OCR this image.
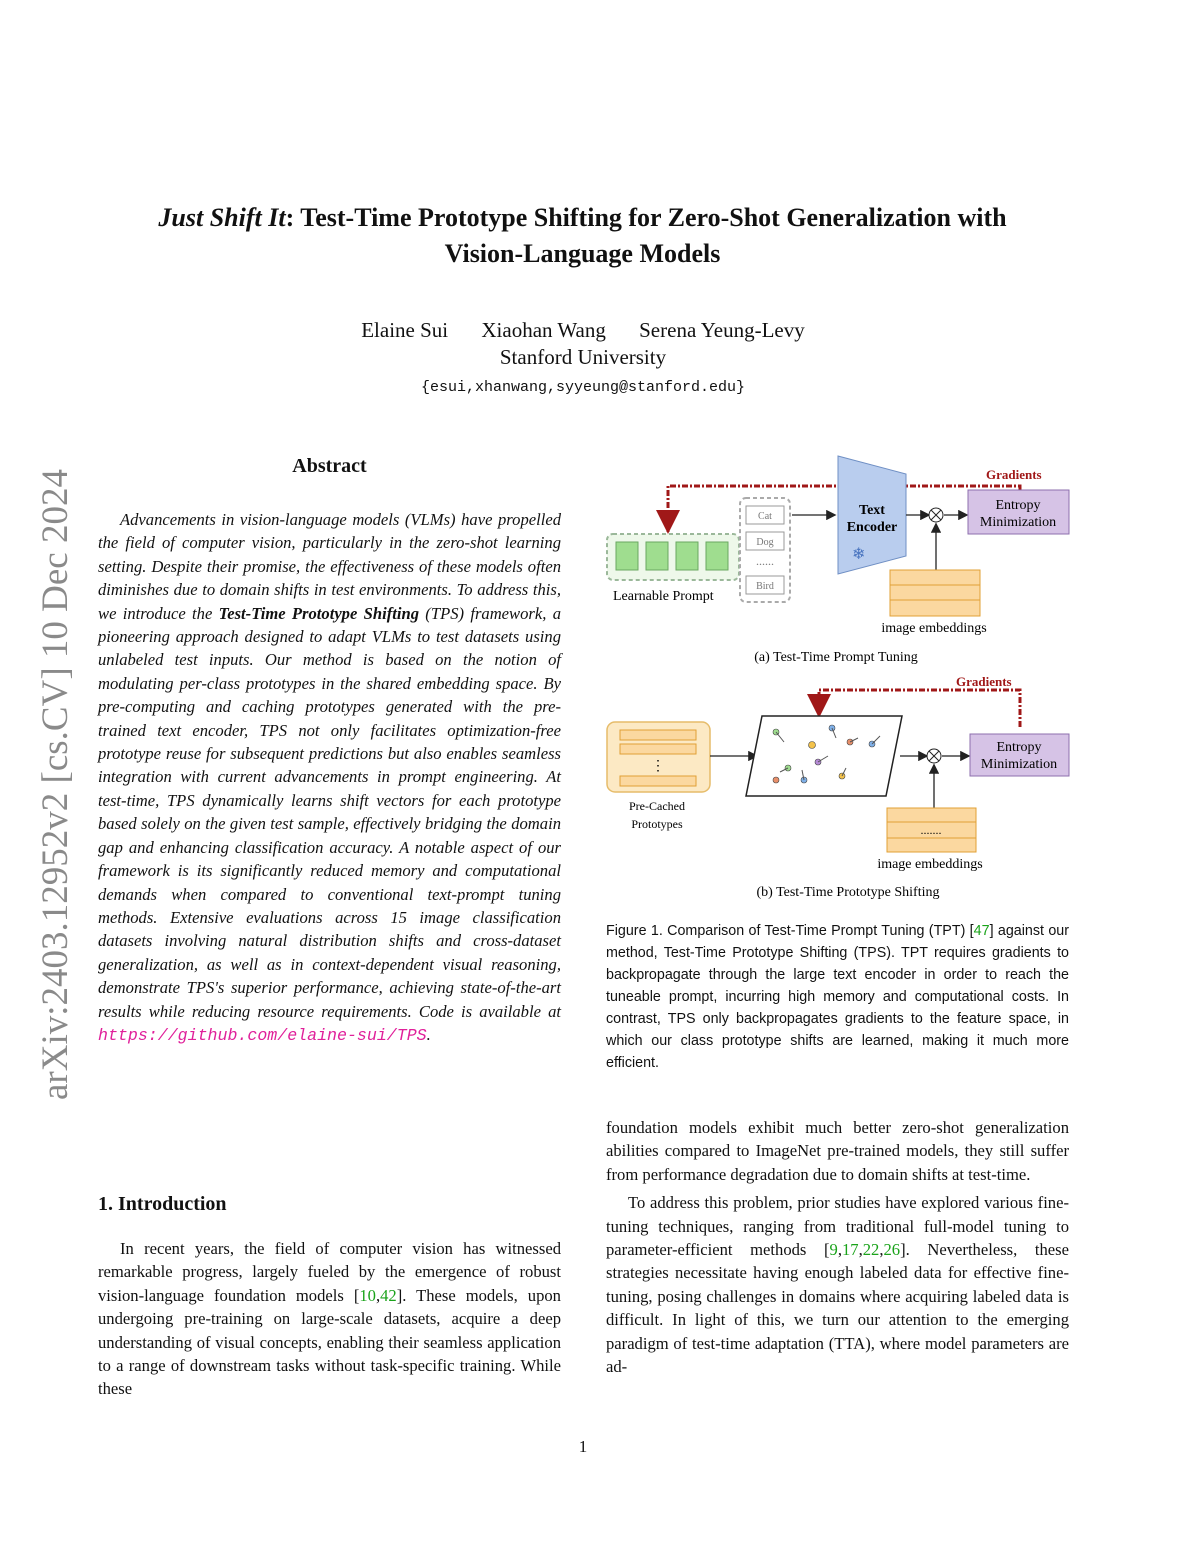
arXiv:2403.12952v2 [cs.CV] 10 Dec 2024
Just Shift It: Test-Time Prototype Shifting for Zero-Shot Generalization with
Vision-Language Models
Elaine Sui Xiaohan Wang Serena Yeung-Levy
Stanford University
{esui,xhanwang,syyeung@stanford.edu}
Abstract

Advancements in vision-language models (VLMs) have propelled the field of computer vision, particularly in the zero-shot learning setting. Despite their promise, the effectiveness of these models often diminishes due to domain shifts in test environments. To address this, we introduce the Test-Time Prototype Shifting (TPS) framework, a pioneering approach designed to adapt VLMs to test datasets using unlabeled test inputs. Our method is based on the notion of modulating per-class prototypes in the shared embedding space. By pre-computing and caching prototypes generated with the pre-trained text encoder, TPS not only facilitates optimization-free prototype reuse for subsequent predictions but also enables seamless integration with current advancements in prompt engineering. At test-time, TPS dynamically learns shift vectors for each prototype based solely on the given test sample, effectively bridging the domain gap and enhancing classification accuracy. A notable aspect of our framework is its significantly reduced memory and computational demands when compared to conventional text-prompt tuning methods. Extensive evaluations across 15 image classification datasets involving natural distribution shifts and cross-dataset generalization, as well as in context-dependent visual reasoning, demonstrate TPS's superior performance, achieving state-of-the-art results while reducing resource requirements. Code is available at https://github.com/elaine-sui/TPS.

1. Introduction

In recent years, the field of computer vision has witnessed remarkable progress, largely fueled by the emergence of robust vision-language foundation models [10,42]. These models, upon undergoing pre-training on large-scale datasets, acquire a deep understanding of visual concepts, enabling their seamless application to a range of downstream tasks without task-specific training. While these

Gradients
Learnable Prompt
Cat
Dog
......
Bird
Text
Encoder
❄
Entropy
Minimization
image embeddings
(a) Test-Time Prompt Tuning
Gradients
⋮
Pre-Cached
Prototypes
Entropy
Minimization
.......
image embeddings
(b) Test-Time Prototype Shifting
Figure 1. Comparison of Test-Time Prompt Tuning (TPT) [47] against our method, Test-Time Prototype Shifting (TPS). TPT requires gradients to backpropagate through the large text encoder in order to reach the tuneable prompt, incurring high memory and computational costs. In contrast, TPS only backpropagates gradients to the feature space, in which our class prototype shifts are learned, making it much more efficient.

foundation models exhibit much better zero-shot generalization abilities compared to ImageNet pre-trained models, they still suffer from performance degradation due to domain shifts at test-time.

To address this problem, prior studies have explored various fine-tuning techniques, ranging from traditional full-model tuning to parameter-efficient methods [9,17,22,26]. Nevertheless, these strategies necessitate having enough labeled data for effective fine-tuning, posing challenges in domains where acquiring labeled data is difficult. In light of this, we turn our attention to the emerging paradigm of test-time adaptation (TTA), where model parameters are ad-

1
